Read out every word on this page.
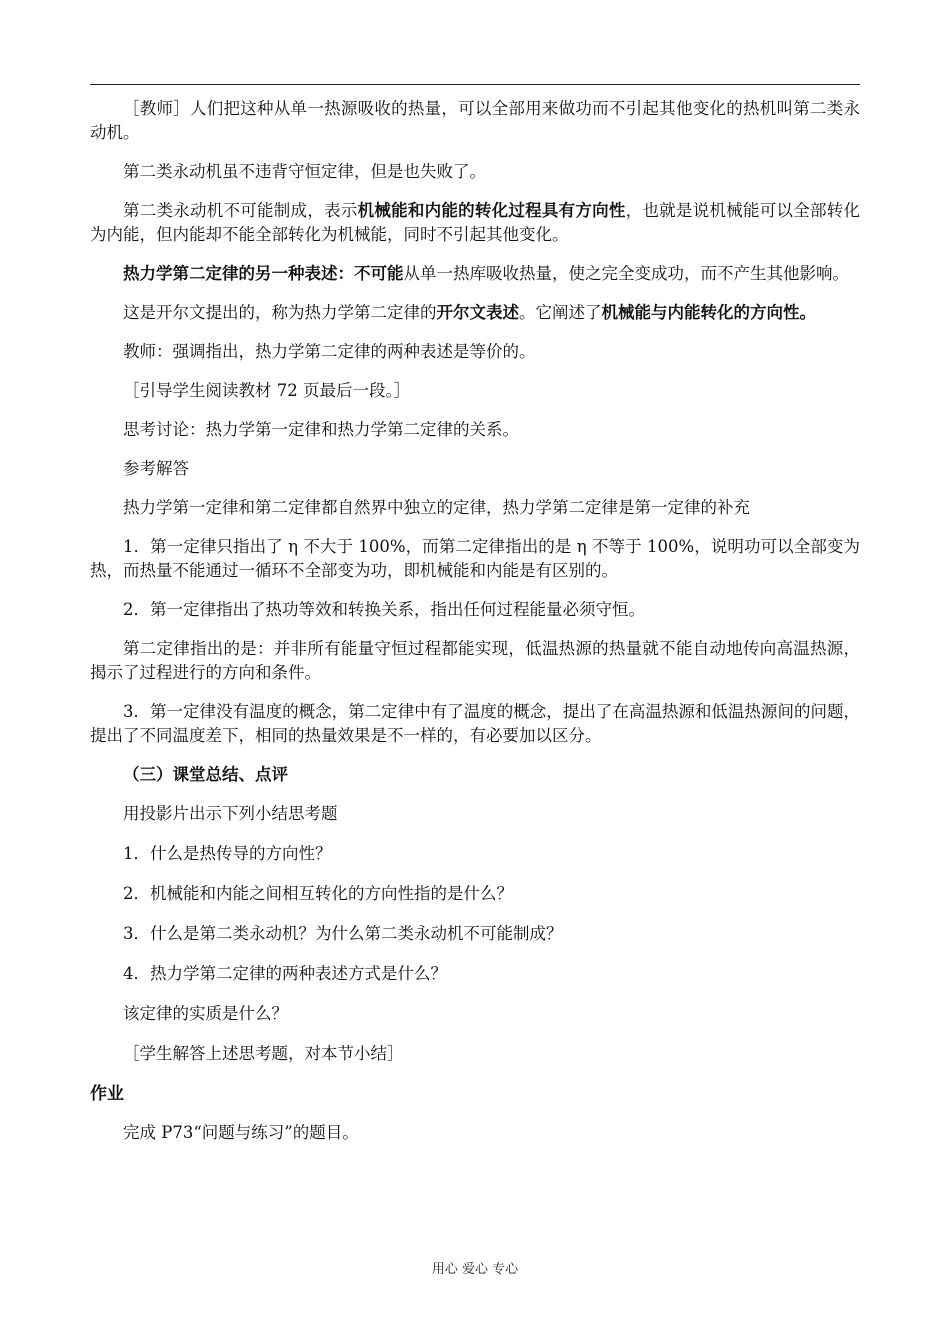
［教师］人们把这种从单一热源吸收的热量，可以全部用来做功而不引起其他变化的热机叫第二类永动机。

第二类永动机虽不违背守恒定律，但是也失败了。

第二类永动机不可能制成，表示机械能和内能的转化过程具有方向性，也就是说机械能可以全部转化为内能，但内能却不能全部转化为机械能，同时不引起其他变化。

热力学第二定律的另一种表述：不可能从单一热库吸收热量，使之完全变成功，而不产生其他影响。

这是开尔文提出的，称为热力学第二定律的开尔文表述。它阐述了机械能与内能转化的方向性。

教师：强调指出，热力学第二定律的两种表述是等价的。

［引导学生阅读教材 72 页最后一段。］

思考讨论：热力学第一定律和热力学第二定律的关系。

参考解答

热力学第一定律和第二定律都自然界中独立的定律，热力学第二定律是第一定律的补充

1．第一定律只指出了 η 不大于 100%，而第二定律指出的是 η 不等于 100%，说明功可以全部变为热，而热量不能通过一循环不全部变为功，即机械能和内能是有区别的。

2．第一定律指出了热功等效和转换关系，指出任何过程能量必须守恒。

第二定律指出的是：并非所有能量守恒过程都能实现，低温热源的热量就不能自动地传向高温热源，揭示了过程进行的方向和条件。

3．第一定律没有温度的概念，第二定律中有了温度的概念，提出了在高温热源和低温热源间的问题，提出了不同温度差下，相同的热量效果是不一样的，有必要加以区分。

（三）课堂总结、点评

用投影片出示下列小结思考题

1．什么是热传导的方向性？

2．机械能和内能之间相互转化的方向性指的是什么？

3．什么是第二类永动机？为什么第二类永动机不可能制成？

4．热力学第二定律的两种表述方式是什么？

该定律的实质是什么？

［学生解答上述思考题，对本节小结］

作业

完成 P73“问题与练习”的题目。

用心 爱心 专心
